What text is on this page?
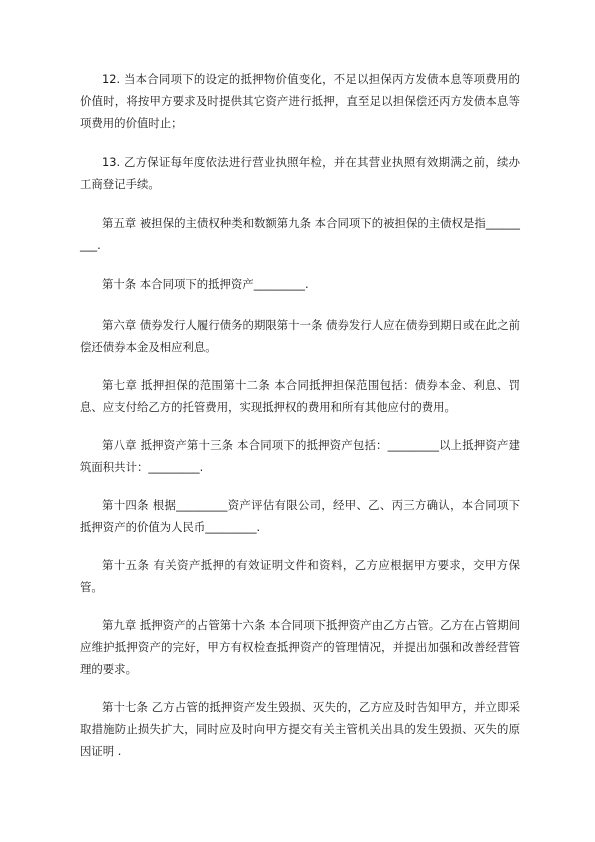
12. 当本合同项下的设定的抵押物价值变化，不足以担保丙方发债本息等项费用的价值时，将按甲方要求及时提供其它资产进行抵押，直至足以担保偿还丙方发债本息等项费用的价值时止；

13. 乙方保证每年度依法进行营业执照年检，并在其营业执照有效期满之前，续办工商登记手续。

第五章 被担保的主债权种类和数额第九条 本合同项下的被担保的主债权是指_________.

第十条 本合同项下的抵押资产_________.

第六章 债券发行人履行债务的期限第十一条 债券发行人应在债券到期日或在此之前偿还债券本金及相应利息。

第七章 抵押担保的范围第十二条 本合同抵押担保范围包括：债券本金、利息、罚息、应支付给乙方的托管费用，实现抵押权的费用和所有其他应付的费用。

第八章 抵押资产第十三条 本合同项下的抵押资产包括：_________以上抵押资产建筑面积共计：_________.

第十四条 根据_________资产评估有限公司，经甲、乙、丙三方确认，本合同项下抵押资产的价值为人民币_________.

第十五条 有关资产抵押的有效证明文件和资料，乙方应根据甲方要求，交甲方保管。

第九章 抵押资产的占管第十六条 本合同项下抵押资产由乙方占管。乙方在占管期间应维护抵押资产的完好，甲方有权检查抵押资产的管理情况，并提出加强和改善经营管理的要求。

第十七条 乙方占管的抵押资产发生毁损、灭失的，乙方应及时告知甲方，并立即采取措施防止损失扩大，同时应及时向甲方提交有关主管机关出具的发生毁损、灭失的原因证明 .
